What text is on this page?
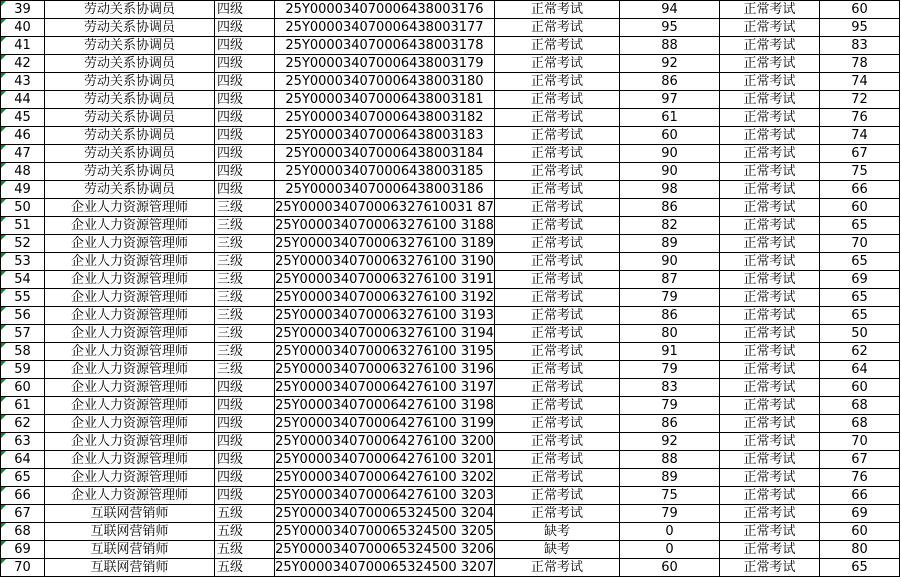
39	劳动关系协调员	四级	25Y000034070006438003176	正常考试	94	正常考试	60
40	劳动关系协调员	四级	25Y000034070006438003177	正常考试	95	正常考试	95
41	劳动关系协调员	四级	25Y000034070006438003178	正常考试	88	正常考试	83
42	劳动关系协调员	四级	25Y000034070006438003179	正常考试	92	正常考试	78
43	劳动关系协调员	四级	25Y000034070006438003180	正常考试	86	正常考试	74
44	劳动关系协调员	四级	25Y000034070006438003181	正常考试	97	正常考试	72
45	劳动关系协调员	四级	25Y000034070006438003182	正常考试	61	正常考试	76
46	劳动关系协调员	四级	25Y000034070006438003183	正常考试	60	正常考试	74
47	劳动关系协调员	四级	25Y000034070006438003184	正常考试	90	正常考试	67
48	劳动关系协调员	四级	25Y000034070006438003185	正常考试	90	正常考试	75
49	劳动关系协调员	四级	25Y000034070006438003186	正常考试	98	正常考试	66
50	企业人力资源管理师	三级	25Y000034070006327610031 87	正常考试	86	正常考试	60
51	企业人力资源管理师	三级	25Y0000340700063276100 3188	正常考试	82	正常考试	65
52	企业人力资源管理师	三级	25Y0000340700063276100 3189	正常考试	89	正常考试	70
53	企业人力资源管理师	三级	25Y0000340700063276100 3190	正常考试	90	正常考试	65
54	企业人力资源管理师	三级	25Y0000340700063276100 3191	正常考试	87	正常考试	69
55	企业人力资源管理师	三级	25Y0000340700063276100 3192	正常考试	79	正常考试	65
56	企业人力资源管理师	三级	25Y0000340700063276100 3193	正常考试	86	正常考试	65
57	企业人力资源管理师	三级	25Y0000340700063276100 3194	正常考试	80	正常考试	50
58	企业人力资源管理师	三级	25Y0000340700063276100 3195	正常考试	91	正常考试	62
59	企业人力资源管理师	三级	25Y0000340700063276100 3196	正常考试	79	正常考试	64
60	企业人力资源管理师	四级	25Y0000340700064276100 3197	正常考试	83	正常考试	60
61	企业人力资源管理师	四级	25Y0000340700064276100 3198	正常考试	79	正常考试	68
62	企业人力资源管理师	四级	25Y0000340700064276100 3199	正常考试	86	正常考试	68
63	企业人力资源管理师	四级	25Y0000340700064276100 3200	正常考试	92	正常考试	70
64	企业人力资源管理师	四级	25Y0000340700064276100 3201	正常考试	88	正常考试	67
65	企业人力资源管理师	四级	25Y0000340700064276100 3202	正常考试	89	正常考试	76
66	企业人力资源管理师	四级	25Y0000340700064276100 3203	正常考试	75	正常考试	66
67	互联网营销师	五级	25Y0000340700065324500 3204	正常考试	79	正常考试	69
68	互联网营销师	五级	25Y0000340700065324500 3205	缺考	0	正常考试	60
69	互联网营销师	五级	25Y0000340700065324500 3206	缺考	0	正常考试	80
70	互联网营销师	五级	25Y0000340700065324500 3207	正常考试	60	正常考试	65
